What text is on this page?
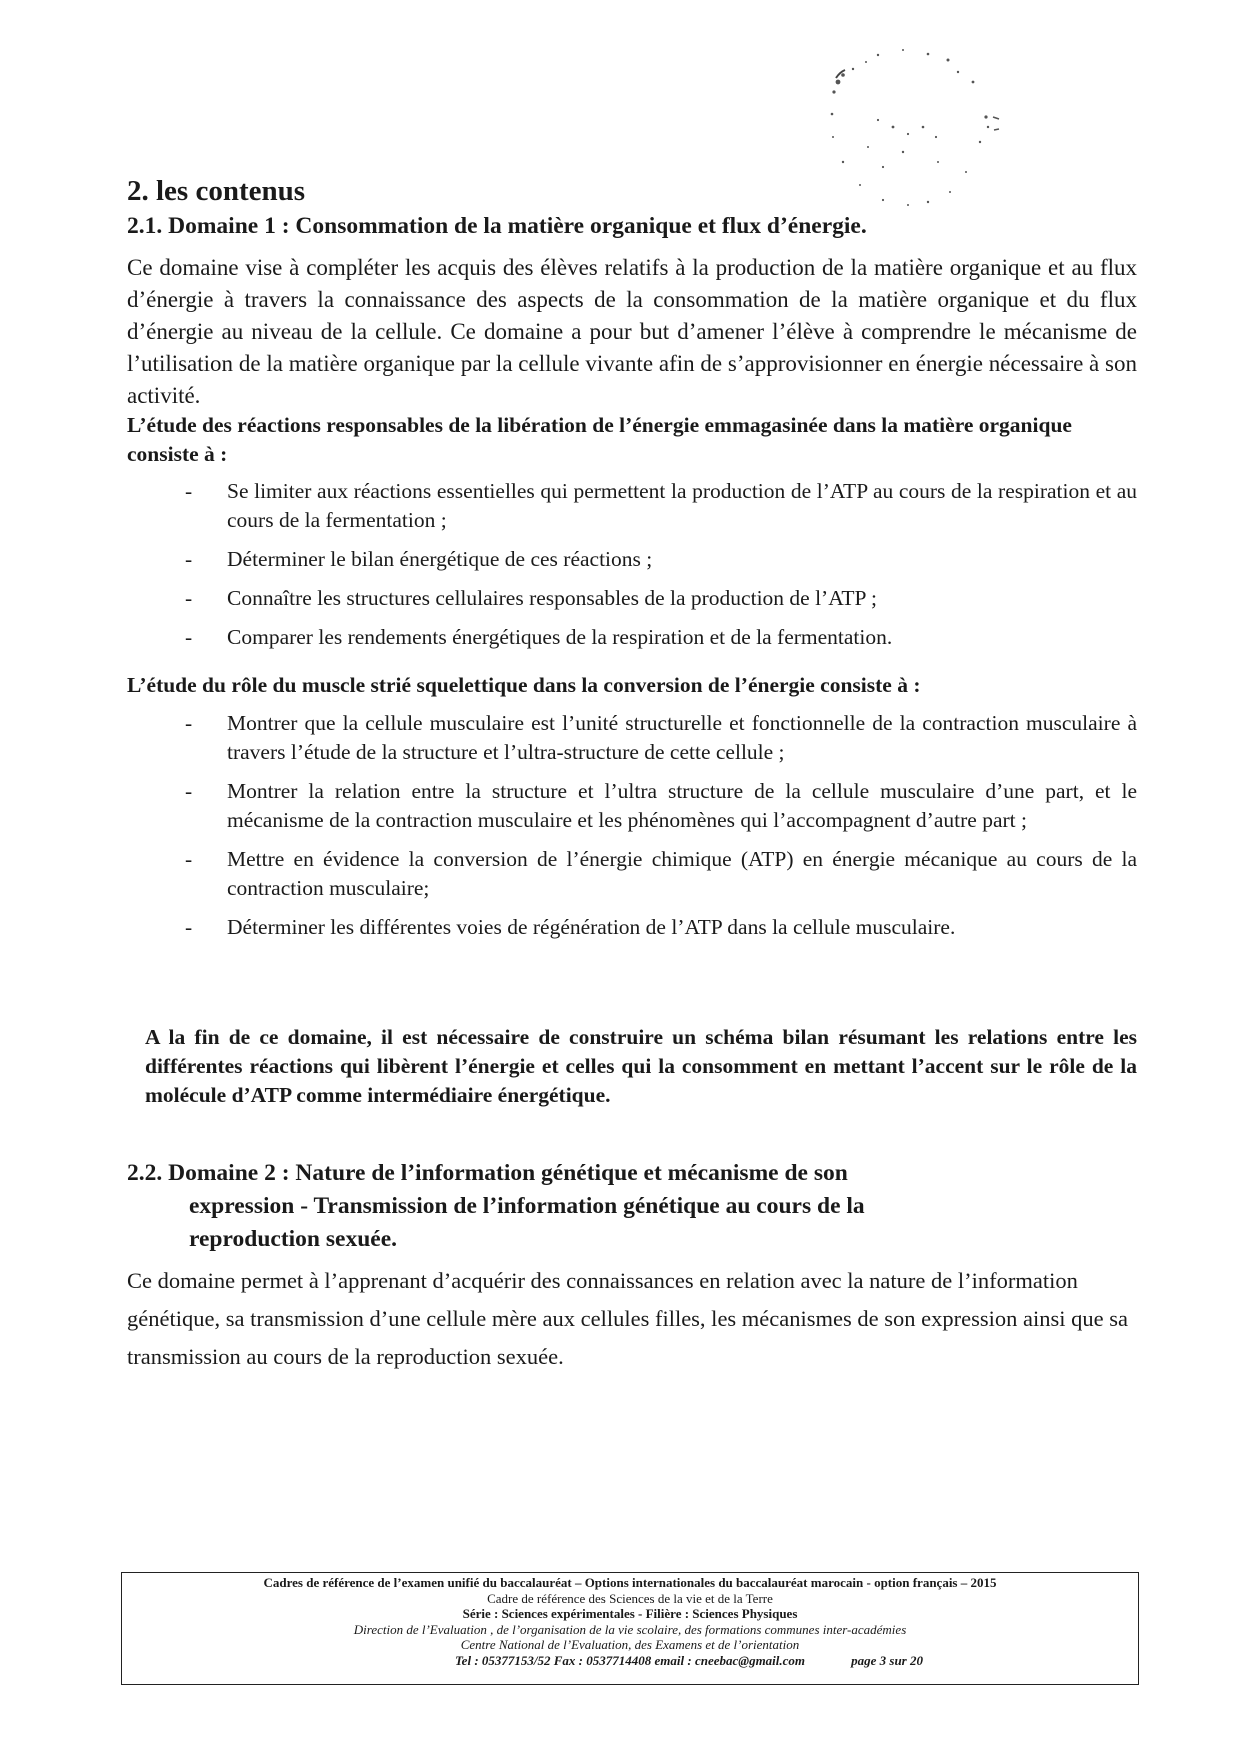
2. les contenus
2.1. Domaine 1 : Consommation de la matière organique et flux d’énergie.
Ce domaine vise à compléter les acquis des élèves relatifs à la production de la matière organique et au flux d’énergie à travers la connaissance des aspects de la consommation de la matière organique et du flux d’énergie au niveau de la cellule. Ce domaine a pour but d’amener l’élève à comprendre le mécanisme de l’utilisation de la matière organique par la cellule vivante afin de s’approvisionner en énergie nécessaire à son activité.
L’étude des réactions responsables de la libération de l’énergie emmagasinée dans la matière organique consiste à :
- Se limiter aux réactions essentielles qui permettent la production de l’ATP au cours de la respiration et au cours de la fermentation ;
- Déterminer le bilan énergétique de ces réactions ;
- Connaître les structures cellulaires responsables de la production de l’ATP ;
- Comparer les rendements énergétiques de la respiration et de la fermentation.
L’étude du rôle du muscle strié squelettique dans la conversion de l’énergie consiste à :
- Montrer que la cellule musculaire est l’unité structurelle et fonctionnelle de la contraction musculaire à travers l’étude de la structure et l’ultra-structure de cette cellule ;
- Montrer la relation entre la structure et l’ultra structure de la cellule musculaire d’une part, et le mécanisme de la contraction musculaire et les phénomènes qui l’accompagnent d’autre part ;
- Mettre en évidence la conversion de l’énergie chimique (ATP) en énergie mécanique au cours de la contraction musculaire;
- Déterminer les différentes voies de régénération de l’ATP dans la cellule musculaire.
A la fin de ce domaine, il est nécessaire de construire un schéma bilan résumant les relations entre les différentes réactions qui libèrent l’énergie et celles qui la consomment en mettant l’accent sur le rôle de la molécule d’ATP comme intermédiaire énergétique.
2.2. Domaine 2 : Nature de l’information génétique et mécanisme de son
expression - Transmission de l’information génétique au cours de la
reproduction sexuée.
Ce domaine permet à l’apprenant d’acquérir des connaissances en relation avec la nature de l’information génétique, sa transmission d’une cellule mère aux cellules filles, les mécanismes de son expression ainsi que sa transmission au cours de la reproduction sexuée.
Cadres de référence de l’examen unifié du baccalauréat – Options internationales du baccalauréat marocain - option français – 2015
Cadre de référence des Sciences de la vie et de la Terre
Série : Sciences expérimentales - Filière : Sciences Physiques
Direction de l’Evaluation , de l’organisation de la vie scolaire, des formations communes inter-académies
Centre National de l’Evaluation, des Examens et de l’orientation
Tel : 05377153/52 Fax : 0537714408 email : cneebac@gmail.com	page 3 sur 20
